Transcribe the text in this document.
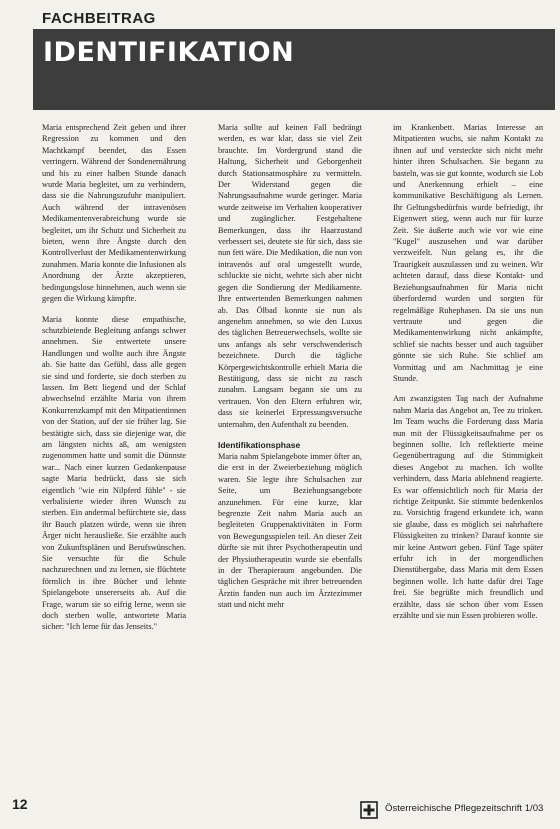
FACHBEITRAG
IDENTIFIKATION

Maria entsprechend Zeit geben und ihrer Regression zu kommen und den Machtkampf beendet, das Essen verringern. Während der Sondenernährung und bis zu einer halben Stunde danach wurde Maria begleitet, um zu verhindern, dass sie die Nahrungszufuhr manipuliert. Auch während der intravenösen Medikamentenverabreichung wurde sie begleitet, um ihr Schutz und Sicherheit zu bieten, wenn ihre Ängste durch den Kontrollverlust der Medikamentenwirkung zunahmen. Maria konnte die Infusionen als Anordnung der Ärzte akzeptieren, bedingungslose hinnehmen, auch wenn sie gegen die Wirkung kämpfte.

Maria konnte diese empathische, schutzbietende Begleitung anfangs schwer annehmen. Sie entwertete unsere Handlungen und wollte auch ihre Ängste ab. Sie hatte das Gefühl, dass alle gegen sie sind und forderte, sie doch sterben zu lassen. Im Bett liegend und der Schlaf abwechselnd erzählte Maria von ihrem Konkurrenzkampf mit den Mitpatientinnen von der Station, auf der sie früher lag. Sie bestätigte sich, dass sie diejenige war, die am längsten nichts aß, am wenigsten zugenommen hatte und somit die Dünnste war... Nach einer kurzen Gedankenpause sagte Maria bedrückt, dass sie sich eigentlich "wie ein Nilpferd fühle" - sie verbalisierte wieder ihren Wunsch zu sterben. Ein andermal befürchtete sie, dass ihr Bauch platzen würde, wenn sie ihren Ärger nicht herausließe. Sie erzählte auch von Zukunftsplänen und Berufswünschen. Sie versuchte für die Schule nachzurechnen und zu lernen, sie flüchtete förmlich in ihre Bücher und lehnte Spielangebote unsererseits ab. Auf die Frage, warum sie so eifrig lerne, wenn sie doch sterben wolle, antwortete Maria sicher: "Ich lerne für das Jenseits."

Maria sollte auf keinen Fall bedrängt werden, es war klar, dass sie viel Zeit brauchte. Im Vordergrund stand die Haltung, Sicherheit und Geborgenheit durch Stationsatmosphäre zu vermitteln. Der Widerstand gegen die Nahrungsaufnahme wurde geringer. Maria wurde zeitweise im Verhalten kooperativer und zugänglicher. Festgehaltene Bemerkungen, dass ihr Haarzustand verbessert sei, deutete sie für sich, dass sie nun fett wäre. Die Medikation, die nun von intravenös auf oral umgestellt wurde, schluckte sie nicht, wehrte sich aber nicht gegen die Sondierung der Medikamente. Ihre entwertenden Bemerkungen nahmen ab. Das Ölbad konnte sie nun als angenehm annehmen, so wie den Luxus des täglichen Betreuerwechsels, wollte sie uns anfangs als sehr verschwenderisch bezeichnete. Durch die tägliche Körpergewichtskontrolle erhielt Maria die Bestätigung, dass sie nicht zu rasch zunahm. Langsam begann sie uns zu vertrauen. Von den Eltern erfuhren wir, dass sie keinerlei Erpressungsversuche unternahm, den Aufenthalt zu beenden.

Identifikationsphase

Maria nahm Spielangebote immer öfter an, die erst in der Zweierbeziehung möglich waren. Sie legte ihre Schulsachen zur Seite, um Beziehungsangebote anzunehmen. Für eine kurze, klar begrenzte Zeit nahm Maria auch an begleiteten Gruppenaktivitäten in Form von Bewegungsspielen teil. An dieser Zeit dürfte sie mit ihrer Psychotherapeutin und der Physiotherapeutin wurde sie ebenfalls in der Therapieraum angebunden. Die täglichen Gespräche mit ihrer betreuenden Ärztin fanden nun auch im Ärztezimmer statt und nicht mehr

im Krankenbett. Marias Interesse an Mitpatienten wuchs, sie nahm Kontakt zu ihnen auf und versteckte sich nicht mehr hinter ihren Schulsachen. Sie begann zu basteln, was sie gut konnte, wodurch sie Lob und Anerkennung erhielt – eine kommunikative Beschäftigung als Lernen. Ihr Geltungsbedürfnis wurde befriedigt, ihr Eigenwert stieg, wenn auch nur für kurze Zeit. Sie äußerte auch wie vor wie eine "Kugel" auszusehen und war darüber verzweifelt. Nun gelang es, ihr die Traurigkeit auszulassen und zu weinen. Wir achteten darauf, dass diese Kontakt- und Beziehungsaufnahmen für Maria nicht überfordernd wurden und sorgten für regelmäßige Ruhephasen. Da sie uns nun vertraute und gegen die Medikamentenwirkung nicht ankämpfte, schlief sie nachts besser und auch tagsüber gönnte sie sich Ruhe. Sie schlief am Vormittag und am Nachmittag je eine Stunde.

Am zwanzigsten Tag nach der Aufnahme nahm Maria das Angebot an, Tee zu trinken. Im Team wuchs die Forderung dass Maria nun mit der Flüssigkeitsaufnahme per os beginnen sollte. Ich reflektierte meine Gegenübertragung auf die Stimmigkeit dieses Angebot zu machen. Ich wollte verhindern, dass Maria ablehnend reagierte. Es war offensichtlich noch für Maria der richtige Zeitpunkt. Sie stimmte bedenkenlos zu. Vorsichtig fragend erkundete ich, wann sie glaube, dass es möglich sei nahrhaftere Flüssigkeiten zu trinken? Darauf konnte sie mir keine Antwort geben. Fünf Tage später erfuhr ich in der morgendlichen Dienstübergabe, dass Maria mit dem Essen beginnen wolle. Ich hatte dafür drei Tage frei. Sie begrüßte mich freundlich und erzählte, dass sie schon über vom Essen erzählte und sie nun Essen probieren wolle.

12	Österreichische Pflegezeitschrift 1/03
